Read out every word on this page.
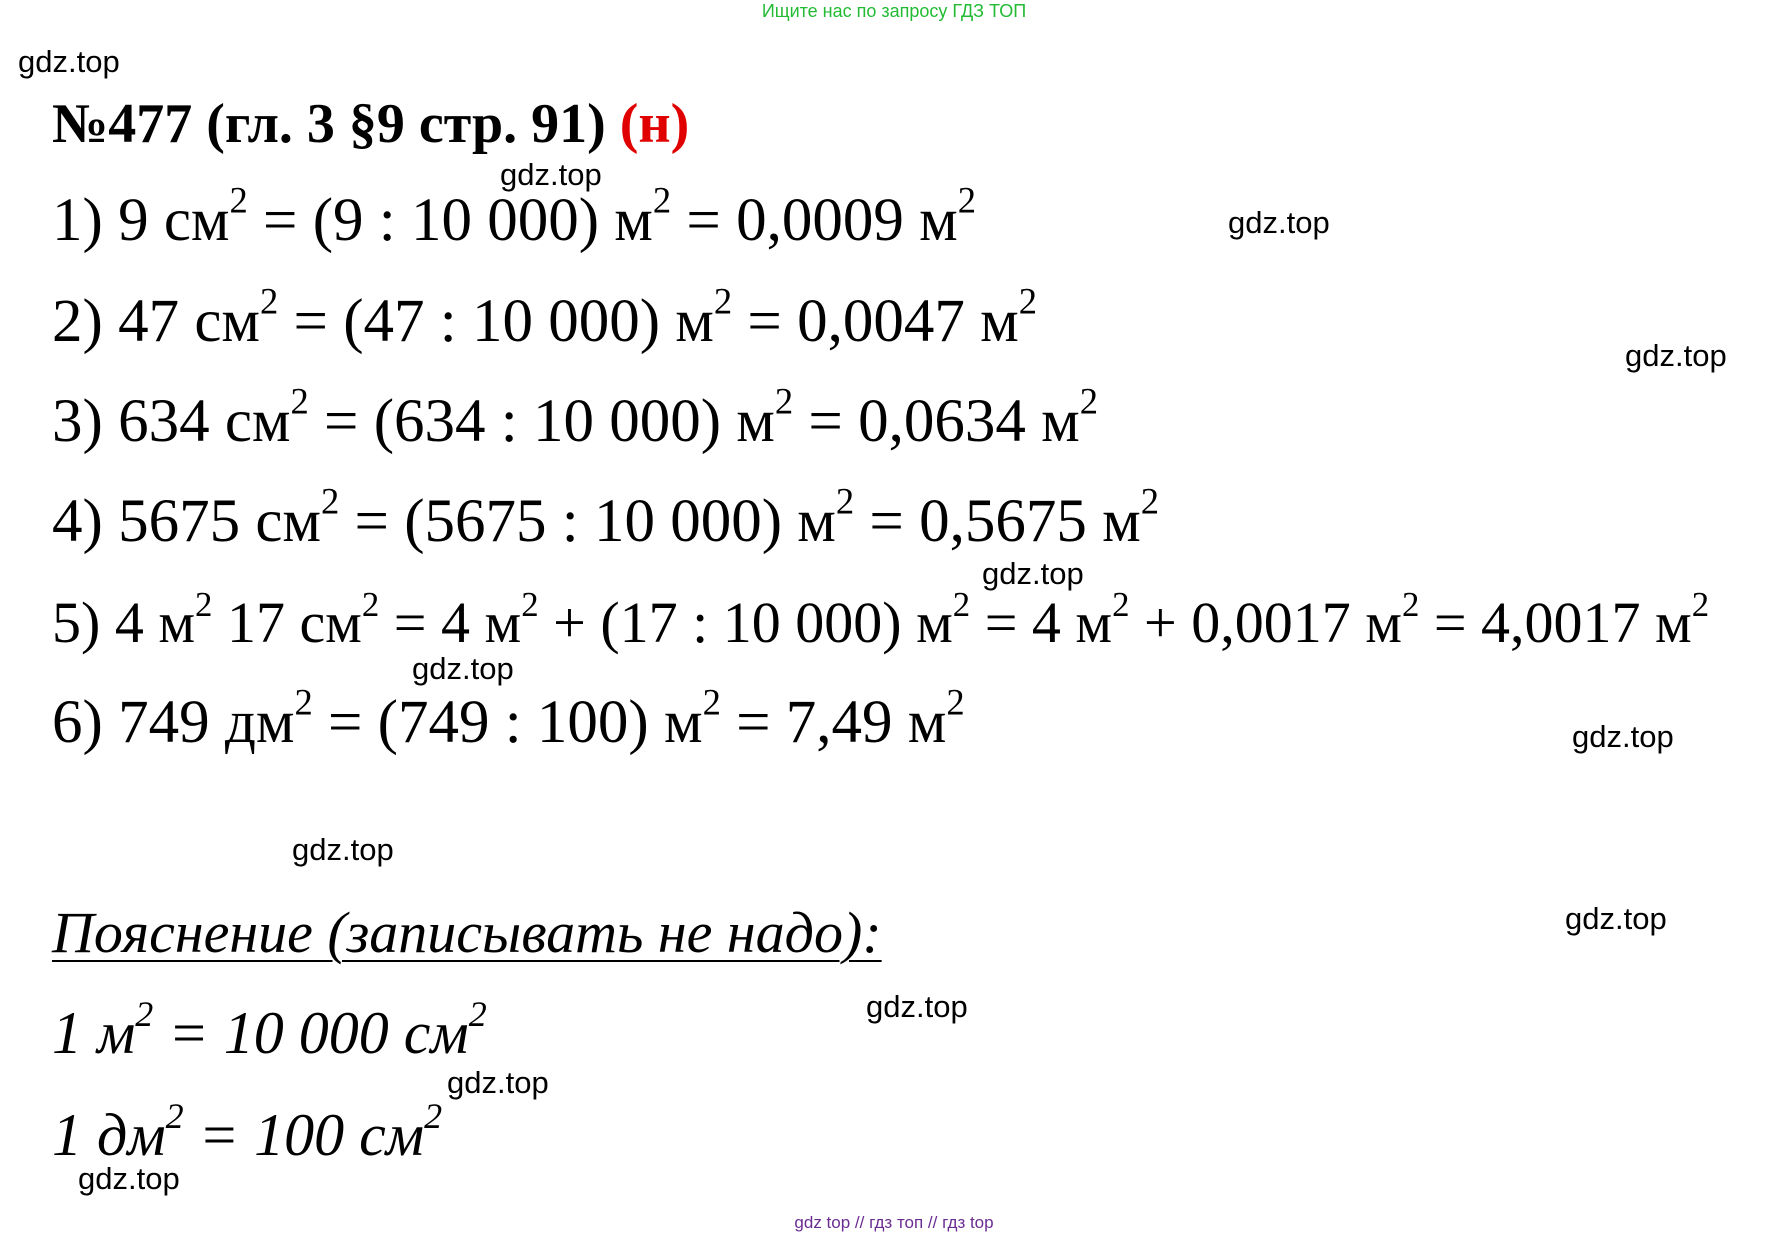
Ищите нас по запросу ГДЗ ТОП
gdz.top
gdz.top
gdz.top
gdz.top
gdz.top
gdz.top
gdz.top
gdz.top
gdz.top
gdz.top
gdz.top
gdz.top
№477 (гл. 3 §9 стр. 91) (н)
1) 9 $см^2 = (9$ : 10 000) $м^2 = 0,0009$ $м^2$
2) 47 $см^2 = (47$ : 10 000) $м^2 = 0,0047$ $м^2$
3) 634 $см^2 = (634$ : 10 000) $м^2 = 0,0634$ $м^2$
4) 5675 $см^2 = (5675$ : 10 000) $м^2 = 0,5675$ $м^2$
5) 4 $м^2$ 17 $см^2 = 4$ $м^2 + (17$ : 10 000) $м^2 = 4$ $м^2 + 0,0017$ $м^2 = 4,0017$ $м^2$
6) 749 $дм^2 = (749$ : 100) $м^2 = 7,49$ $м^2$
Пояснение (записывать не надо):
1 $м^2 = 10$ 000 $см^2$
1 $дм^2 = 100$ $см^2$
gdz top // гдз топ // гдз top
